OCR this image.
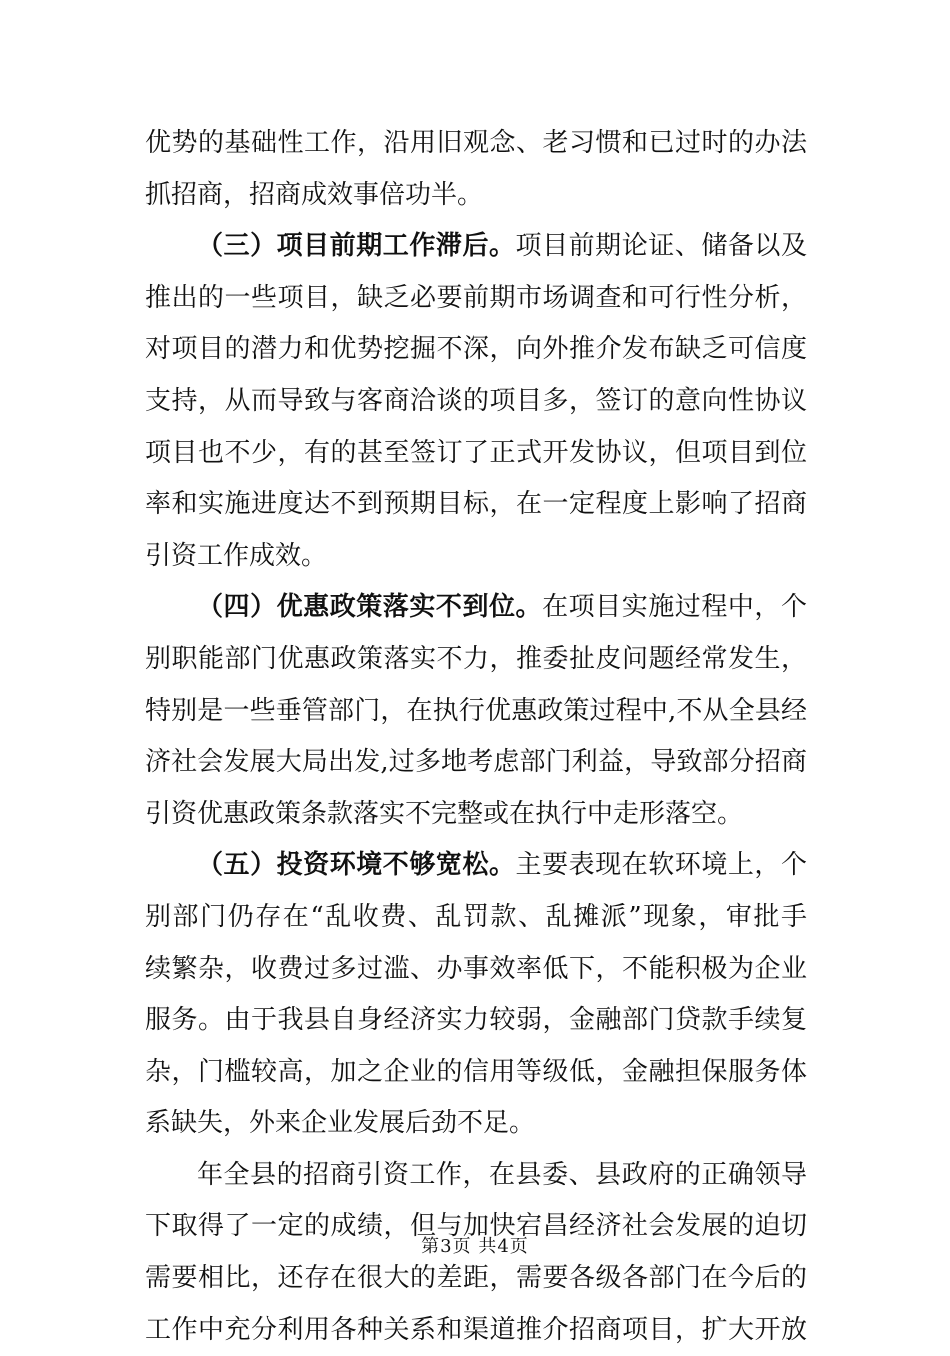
优势的基础性工作，沿用旧观念、老习惯和已过时的办法
抓招商，招商成效事倍功半。
（三）项目前期工作滞后。项目前期论证、储备以及
推出的一些项目，缺乏必要前期市场调查和可行性分析，
对项目的潜力和优势挖掘不深，向外推介发布缺乏可信度
支持，从而导致与客商洽谈的项目多，签订的意向性协议
项目也不少，有的甚至签订了正式开发协议，但项目到位
率和实施进度达不到预期目标，在一定程度上影响了招商
引资工作成效。
（四）优惠政策落实不到位。在项目实施过程中，个
别职能部门优惠政策落实不力，推委扯皮问题经常发生，
特别是一些垂管部门，在执行优惠政策过程中,不从全县经
济社会发展大局出发,过多地考虑部门利益，导致部分招商
引资优惠政策条款落实不完整或在执行中走形落空。
（五）投资环境不够宽松。主要表现在软环境上，个
别部门仍存在“乱收费、乱罚款、乱摊派”现象，审批手
续繁杂，收费过多过滥、办事效率低下，不能积极为企业
服务。由于我县自身经济实力较弱，金融部门贷款手续复
杂，门槛较高，加之企业的信用等级低，金融担保服务体
系缺失，外来企业发展后劲不足。
年全县的招商引资工作，在县委、县政府的正确领导
下取得了一定的成绩，但与加快宕昌经济社会发展的迫切
需要相比，还存在很大的差距，需要各级各部门在今后的
工作中充分利用各种关系和渠道推介招商项目，扩大开放
第3页 共4页
